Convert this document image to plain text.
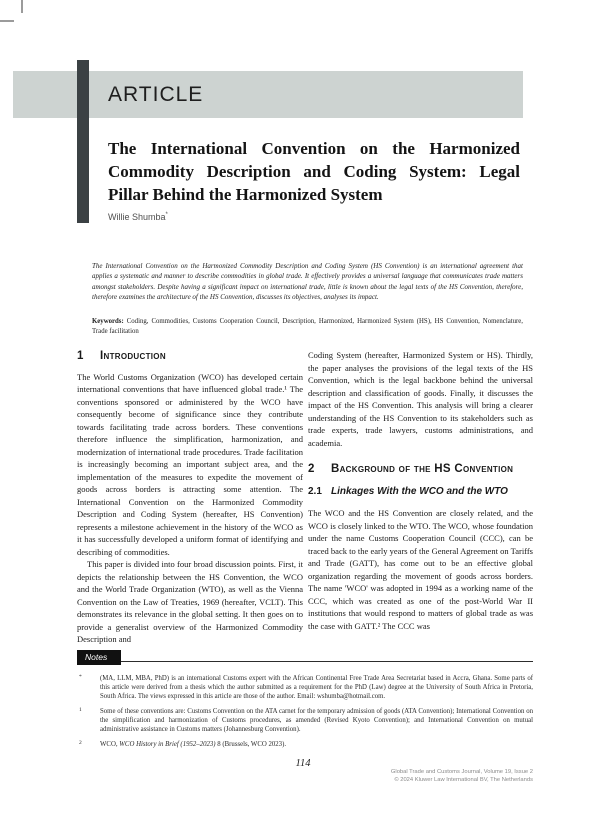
ARTICLE
The International Convention on the Harmonized Commodity Description and Coding System: Legal Pillar Behind the Harmonized System
Willie Shumba*
The International Convention on the Harmonized Commodity Description and Coding System (HS Convention) is an international agreement that applies a systematic and manner to describe commodities in global trade. It effectively provides a universal language that communicates trade matters amongst stakeholders. Despite having a significant impact on international trade, little is known about the legal texts of the HS Convention, therefore, therefore examines the architecture of the HS Convention, discusses its objectives, analyses its impact.
Keywords: Coding, Commodities, Customs Cooperation Council, Description, Harmonized, Harmonized System (HS), HS Convention, Nomenclature, Trade facilitation
1 Introduction

The World Customs Organization (WCO) has developed certain international conventions that have influenced global trade.¹ The conventions sponsored or administered by the WCO have consequently become of significance since they contribute towards facilitating trade across borders. These conventions therefore influence the simplification, harmonization, and modernization of international trade procedures. Trade facilitation is increasingly becoming an important subject area, and the implementation of the measures to expedite the movement of goods across borders is attracting some attention. The International Convention on the Harmonized Commodity Description and Coding System (hereafter, HS Convention) represents a milestone achievement in the history of the WCO as it has successfully developed a uniform format of identifying and describing of commodities.

This paper is divided into four broad discussion points. First, it depicts the relationship between the HS Convention, the WCO and the World Trade Organization (WTO), as well as the Vienna Convention on the Law of Treaties, 1969 (hereafter, VCLT). This demonstrates its relevance in the global setting. It then goes on to provide a generalist overview of the Harmonized Commodity Description and

Coding System (hereafter, Harmonized System or HS). Thirdly, the paper analyses the provisions of the legal texts of the HS Convention, which is the legal backbone behind the universal description and classification of goods. Finally, it discusses the impact of the HS Convention. This analysis will bring a clearer understanding of the HS Convention to its stakeholders such as trade experts, trade lawyers, customs administrations, and academia.

2 Background of the HS Convention
2.1 Linkages With the WCO and the WTO

The WCO and the HS Convention are closely related, and the WCO is closely linked to the WTO. The WCO, whose foundation under the name Customs Cooperation Council (CCC), can be traced back to the early years of the General Agreement on Tariffs and Trade (GATT), has come out to be an effective global organization regarding the movement of goods across borders. The name 'WCO' was adopted in 1994 as a working name of the CCC, which was created as one of the post-World War II institutions that would respond to matters of global trade as was the case with GATT.² The CCC was

Notes
*	(MA, LLM, MBA, PhD) is an international Customs expert with the African Continental Free Trade Area Secretariat based in Accra, Ghana. Some parts of this article were derived from a thesis which the author submitted as a requirement for the PhD (Law) degree at the University of South Africa in Pretoria, South Africa. The views expressed in this article are those of the author. Email: wshumba@hotmail.com.
1	Some of these conventions are: Customs Convention on the ATA carnet for the temporary admission of goods (ATA Convention); International Convention on the simplification and harmonization of Customs procedures, as amended (Revised Kyoto Convention); and International Convention on mutual administrative assistance in Customs matters (Johannesburg Convention).
2	WCO, WCO History in Brief (1952–2023) 8 (Brussels, WCO 2023).
114
Global Trade and Customs Journal, Volume 19, Issue 2
© 2024 Kluwer Law International BV, The Netherlands
